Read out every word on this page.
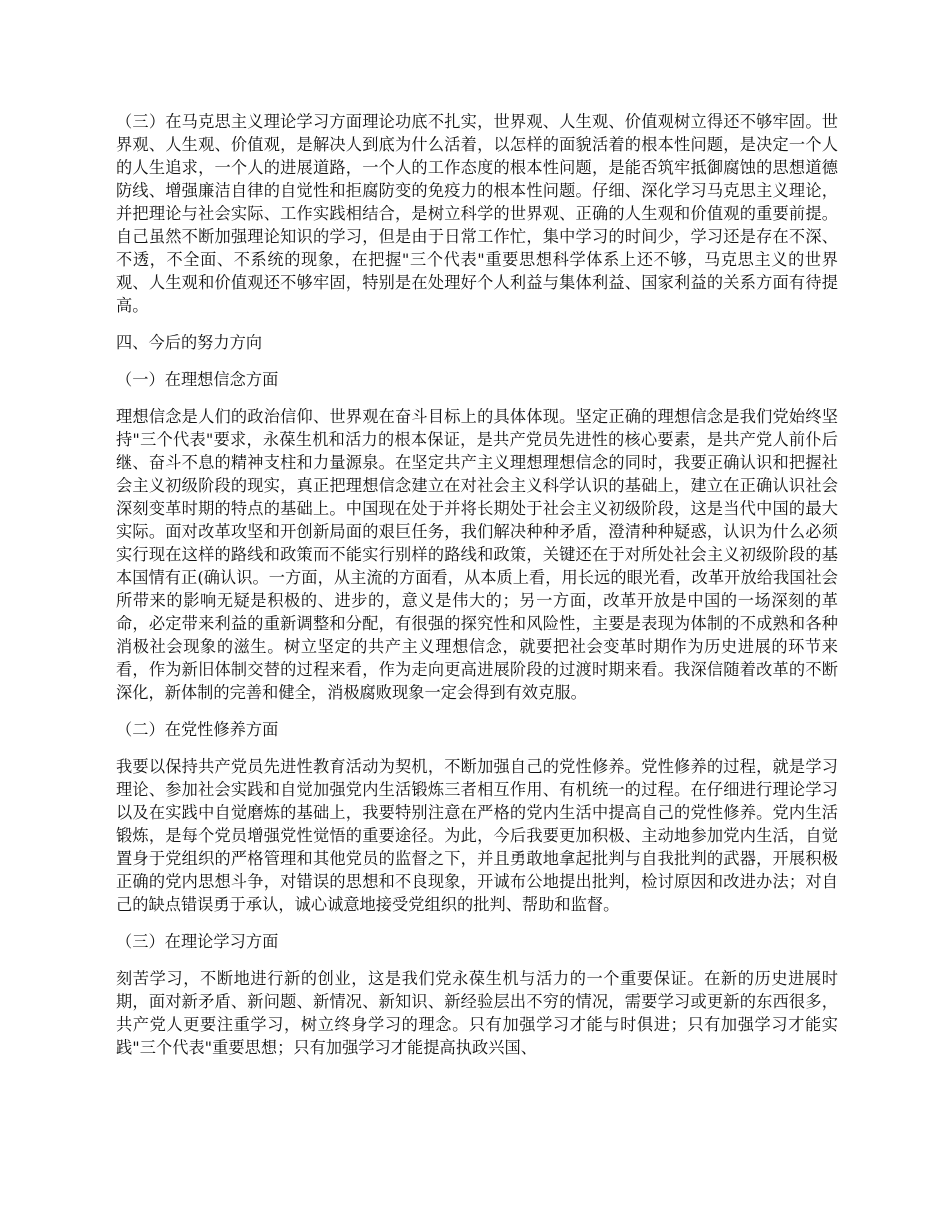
（三）在马克思主义理论学习方面理论功底不扎实，世界观、人生观、价值观树立得还不够牢固。世界观、人生观、价值观，是解决人到底为什么活着，以怎样的面貌活着的根本性问题，是决定一个人的人生追求，一个人的进展道路，一个人的工作态度的根本性问题，是能否筑牢抵御腐蚀的思想道德防线、增强廉洁自律的自觉性和拒腐防变的免疫力的根本性问题。仔细、深化学习马克思主义理论，并把理论与社会实际、工作实践相结合，是树立科学的世界观、正确的人生观和价值观的重要前提。自己虽然不断加强理论知识的学习，但是由于日常工作忙，集中学习的时间少，学习还是存在不深、不透，不全面、不系统的现象，在把握"三个代表"重要思想科学体系上还不够，马克思主义的世界观、人生观和价值观还不够牢固，特别是在处理好个人利益与集体利益、国家利益的关系方面有待提高。

四、今后的努力方向

（一）在理想信念方面

理想信念是人们的政治信仰、世界观在奋斗目标上的具体体现。坚定正确的理想信念是我们党始终坚持"三个代表"要求，永葆生机和活力的根本保证，是共产党员先进性的核心要素，是共产党人前仆后继、奋斗不息的精神支柱和力量源泉。在坚定共产主义理想理想信念的同时，我要正确认识和把握社会主义初级阶段的现实，真正把理想信念建立在对社会主义科学认识的基础上，建立在正确认识社会深刻变革时期的特点的基础上。中国现在处于并将长期处于社会主义初级阶段，这是当代中国的最大实际。面对改革攻坚和开创新局面的艰巨任务，我们解决种种矛盾，澄清种种疑惑，认识为什么必须实行现在这样的路线和政策而不能实行别样的路线和政策，关键还在于对所处社会主义初级阶段的基本国情有正(确认识。一方面，从主流的方面看，从本质上看，用长远的眼光看，改革开放给我国社会所带来的影响无疑是积极的、进步的，意义是伟大的；另一方面，改革开放是中国的一场深刻的革命，必定带来利益的重新调整和分配，有很强的探究性和风险性，主要是表现为体制的不成熟和各种消极社会现象的滋生。树立坚定的共产主义理想信念，就要把社会变革时期作为历史进展的环节来看，作为新旧体制交替的过程来看，作为走向更高进展阶段的过渡时期来看。我深信随着改革的不断深化，新体制的完善和健全，消极腐败现象一定会得到有效克服。

（二）在党性修养方面

我要以保持共产党员先进性教育活动为契机，不断加强自己的党性修养。党性修养的过程，就是学习理论、参加社会实践和自觉加强党内生活锻炼三者相互作用、有机统一的过程。在仔细进行理论学习以及在实践中自觉磨炼的基础上，我要特别注意在严格的党内生活中提高自己的党性修养。党内生活锻炼，是每个党员增强党性觉悟的重要途径。为此，今后我要更加积极、主动地参加党内生活，自觉置身于党组织的严格管理和其他党员的监督之下，并且勇敢地拿起批判与自我批判的武器，开展积极正确的党内思想斗争，对错误的思想和不良现象，开诚布公地提出批判，检讨原因和改进办法；对自己的缺点错误勇于承认，诚心诚意地接受党组织的批判、帮助和监督。

（三）在理论学习方面

刻苦学习，不断地进行新的创业，这是我们党永葆生机与活力的一个重要保证。在新的历史进展时期，面对新矛盾、新问题、新情况、新知识、新经验层出不穷的情况，需要学习或更新的东西很多，共产党人更要注重学习，树立终身学习的理念。只有加强学习才能与时俱进；只有加强学习才能实践"三个代表"重要思想；只有加强学习才能提高执政兴国、
